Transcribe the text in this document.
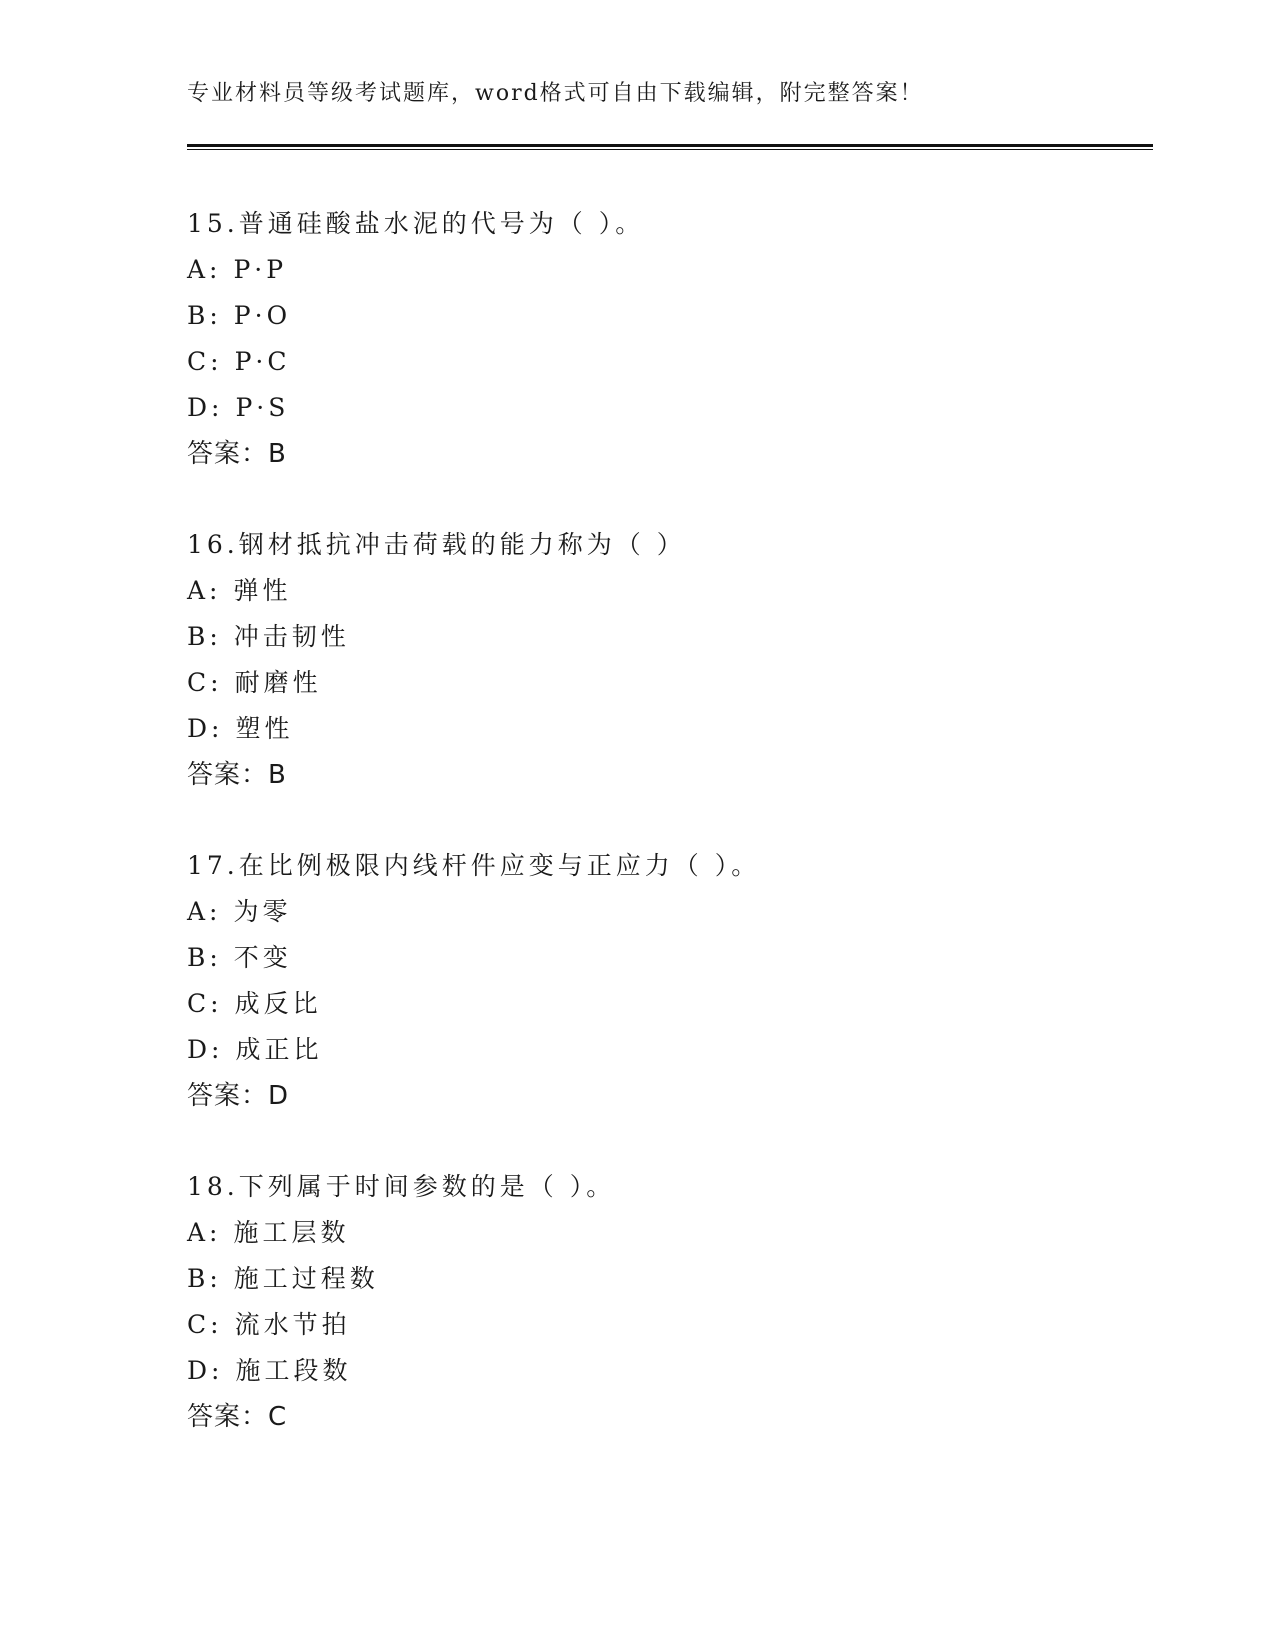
专业材料员等级考试题库，word格式可自由下载编辑，附完整答案！
15.普通硅酸盐水泥的代号为（ ）。
A: P·P
B: P·O
C: P·C
D: P·S
答案：B
16.钢材抵抗冲击荷载的能力称为（ ）
A: 弹性
B: 冲击韧性
C: 耐磨性
D: 塑性
答案：B
17.在比例极限内线杆件应变与正应力（ ）。
A: 为零
B: 不变
C: 成反比
D: 成正比
答案：D
18.下列属于时间参数的是（ ）。
A: 施工层数
B: 施工过程数
C: 流水节拍
D: 施工段数
答案：C
